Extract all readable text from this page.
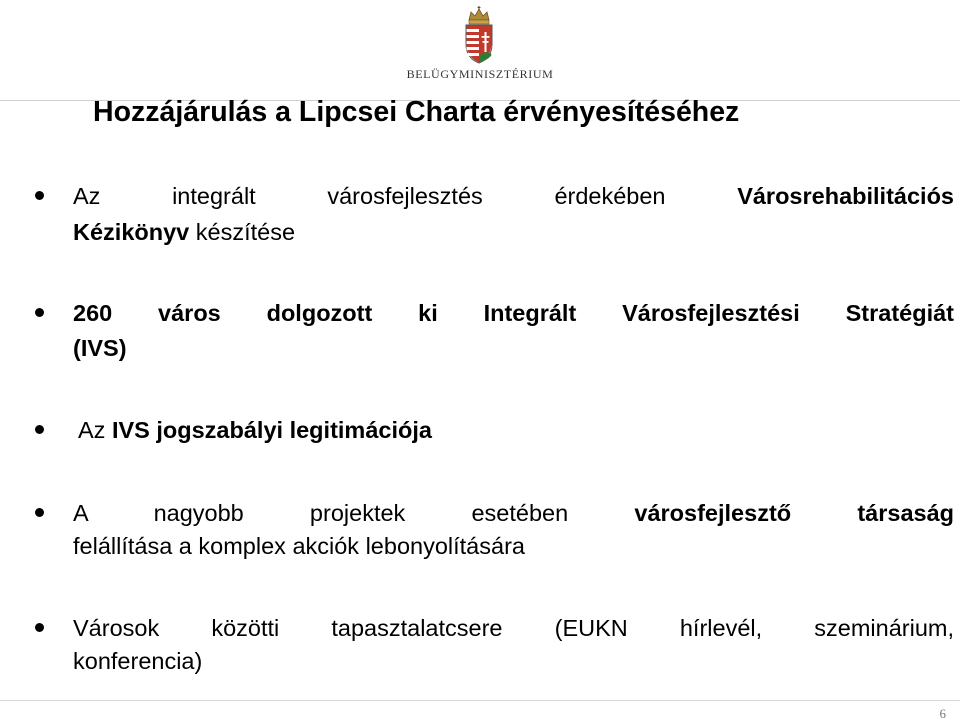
BELÜGYMINISZTÉRIUM
Hozzájárulás a Lipcsei Charta érvényesítéséhez
Az integrált városfejlesztés érdekében	Városrehabilitációs
Kézikönyv készítése
260 város dolgozott ki Integrált Városfejlesztési Stratégiát
(IVS)
Az IVS jogszabályi legitimációja
A nagyobb projektek esetében	városfejlesztő	társaság
felállítása a komplex akciók lebonyolítására
Városok közötti tapasztalatcsere (EUKN hírlevél, szeminárium,
konferencia)
6
